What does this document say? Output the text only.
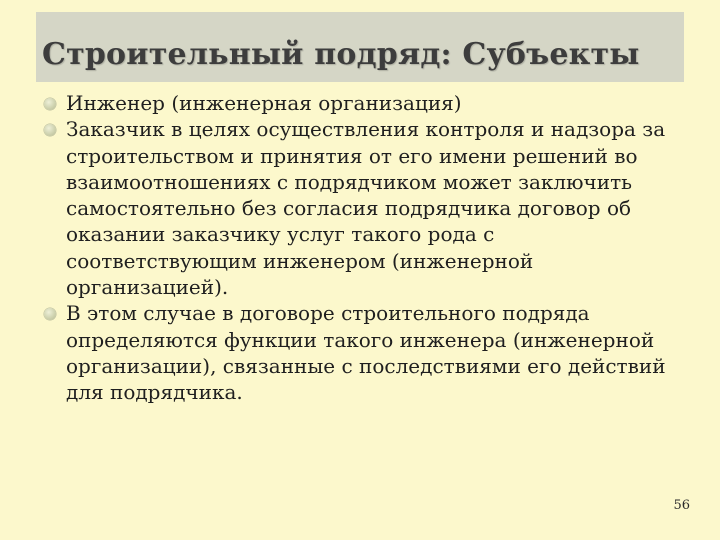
Строительный подряд: Субъекты
Инженер (инженерная организация)
Заказчик в целях осуществления контроля и надзора за строительством и принятия от его имени решений во взаимоотношениях с подрядчиком может заключить самостоятельно без согласия подрядчика договор об оказании заказчику услуг такого рода с соответствующим инженером (инженерной организацией).
В этом случае в договоре строительного подряда определяются функции такого инженера (инженерной организации), связанные с последствиями его действий для подрядчика.
56
